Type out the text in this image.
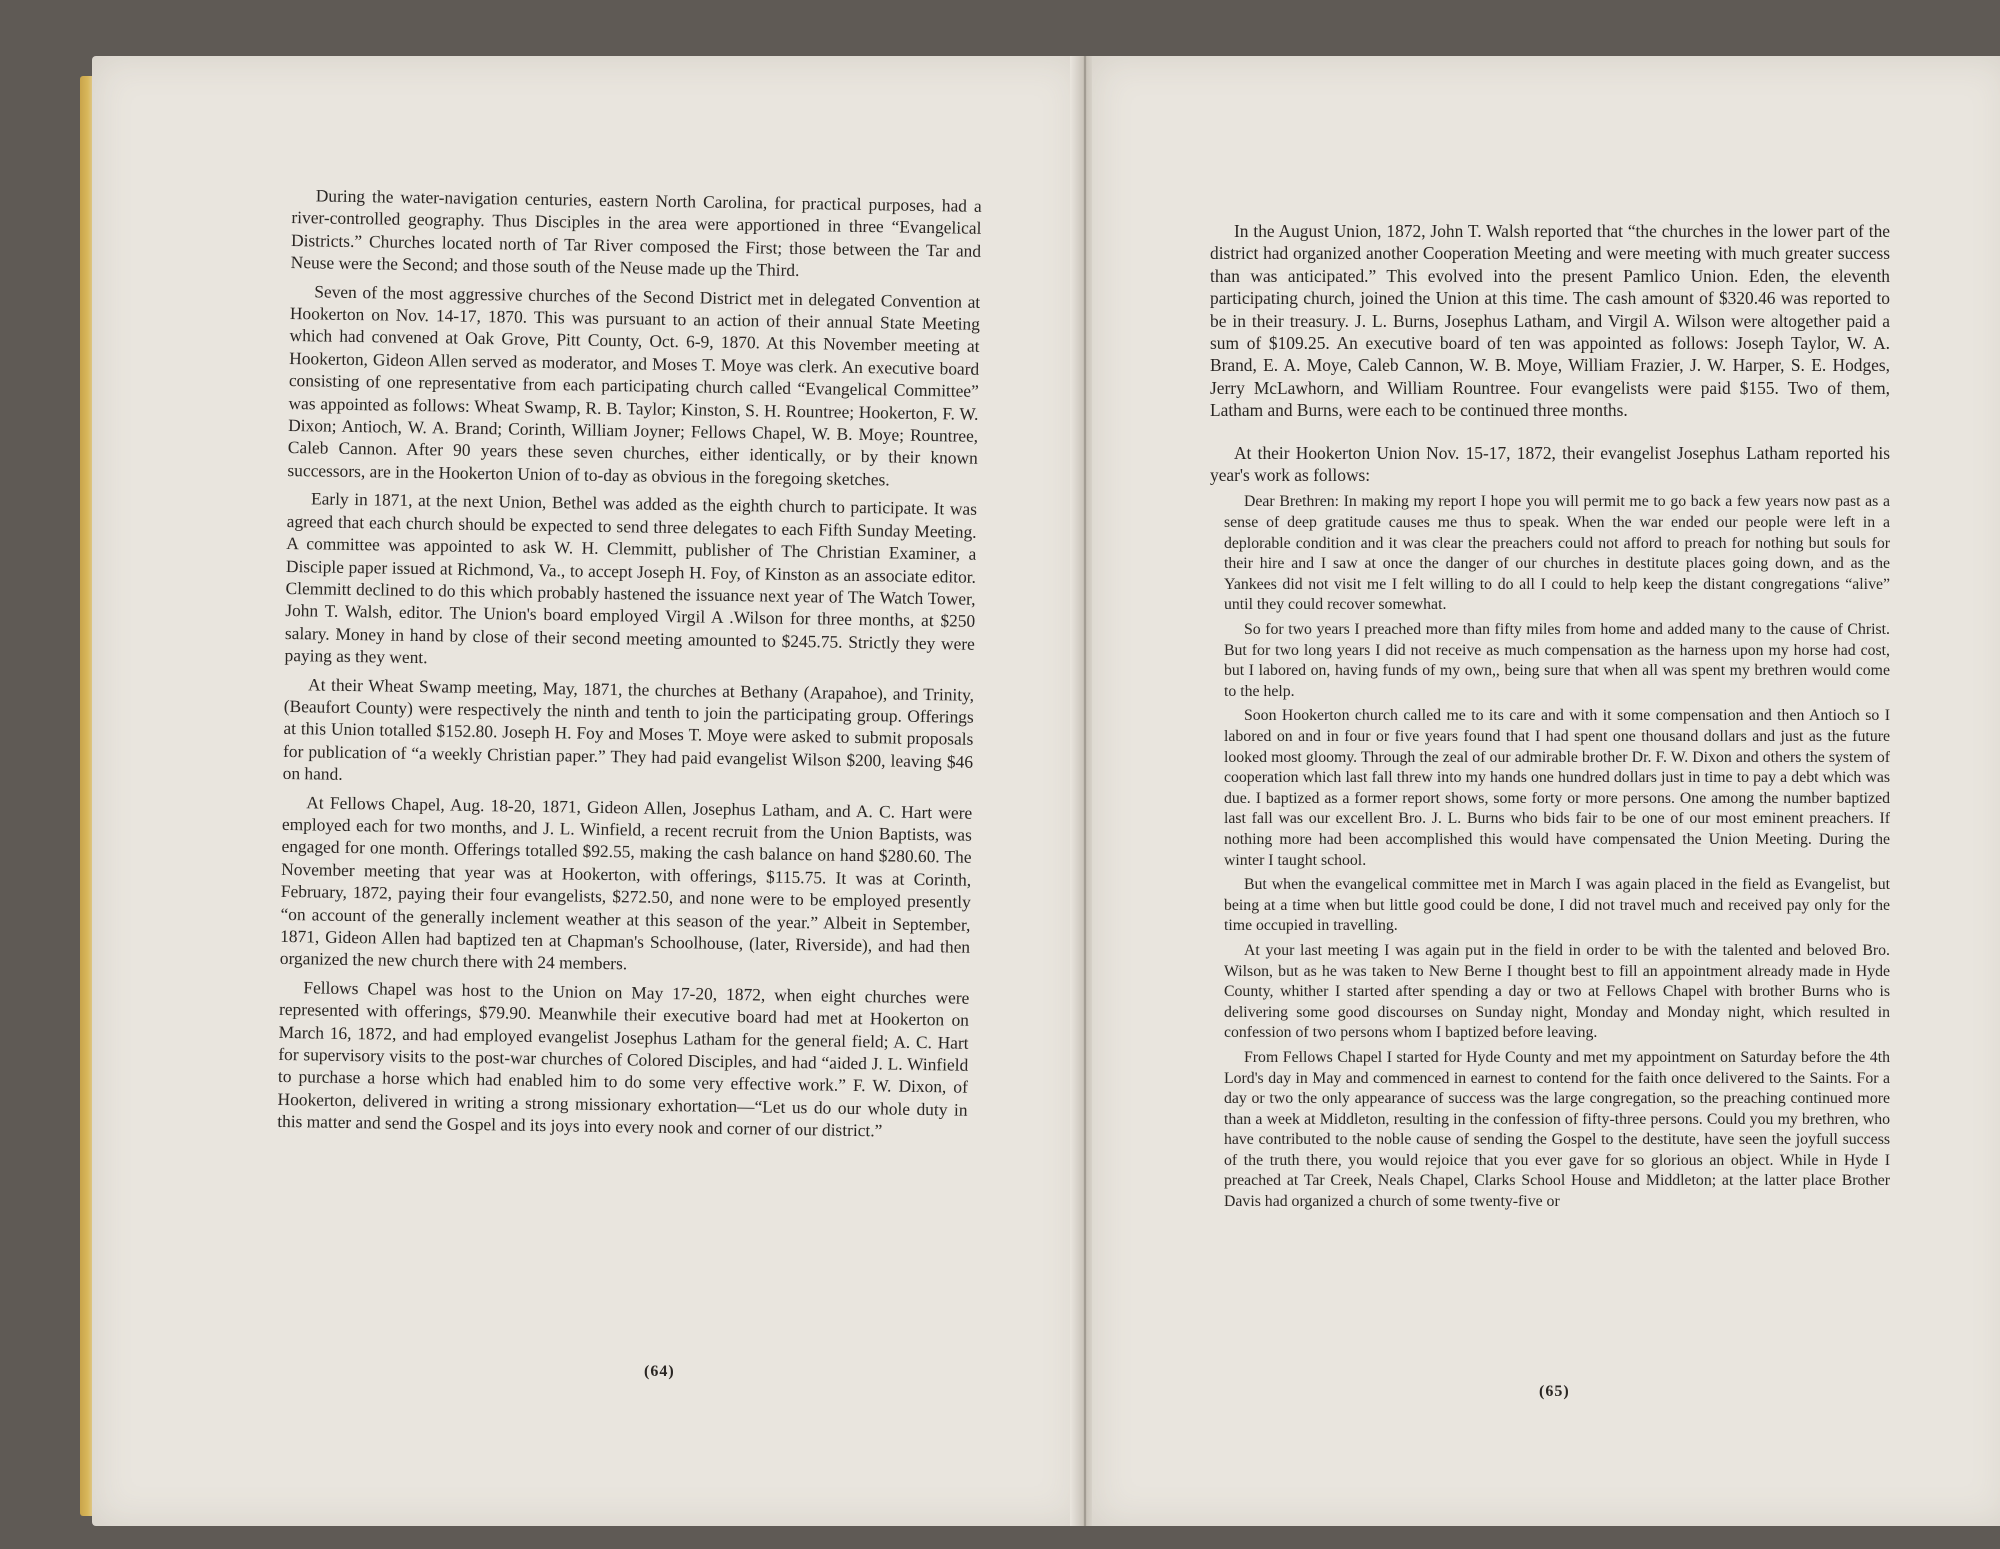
During the water-navigation centuries, eastern North Carolina, for practical purposes, had a river-controlled geography. Thus Disciples in the area were apportioned in three “Evangelical Districts.” Churches located north of Tar River composed the First; those between the Tar and Neuse were the Second; and those south of the Neuse made up the Third.

Seven of the most aggressive churches of the Second District met in delegated Convention at Hookerton on Nov. 14-17, 1870. This was pursuant to an action of their annual State Meeting which had convened at Oak Grove, Pitt County, Oct. 6-9, 1870. At this November meeting at Hookerton, Gideon Allen served as moderator, and Moses T. Moye was clerk. An executive board consisting of one representative from each participating church called “Evangelical Committee” was appointed as follows: Wheat Swamp, R. B. Taylor; Kinston, S. H. Rountree; Hookerton, F. W. Dixon; Antioch, W. A. Brand; Corinth, William Joyner; Fellows Chapel, W. B. Moye; Rountree, Caleb Cannon. After 90 years these seven churches, either identically, or by their known successors, are in the Hookerton Union of to-day as obvious in the foregoing sketches.

Early in 1871, at the next Union, Bethel was added as the eighth church to participate. It was agreed that each church should be expected to send three delegates to each Fifth Sunday Meeting. A committee was appointed to ask W. H. Clemmitt, publisher of The Christian Examiner, a Disciple paper issued at Richmond, Va., to accept Joseph H. Foy, of Kinston as an associate editor. Clemmitt declined to do this which probably hastened the issuance next year of The Watch Tower, John T. Walsh, editor. The Union's board employed Virgil A .Wilson for three months, at $250 salary. Money in hand by close of their second meeting amounted to $245.75. Strictly they were paying as they went.

At their Wheat Swamp meeting, May, 1871, the churches at Bethany (Arapahoe), and Trinity, (Beaufort County) were respectively the ninth and tenth to join the participating group. Offerings at this Union totalled $152.80. Joseph H. Foy and Moses T. Moye were asked to submit proposals for publication of “a weekly Christian paper.” They had paid evangelist Wilson $200, leaving $46 on hand.

At Fellows Chapel, Aug. 18-20, 1871, Gideon Allen, Josephus Latham, and A. C. Hart were employed each for two months, and J. L. Winfield, a recent recruit from the Union Baptists, was engaged for one month. Offerings totalled $92.55, making the cash balance on hand $280.60. The November meeting that year was at Hookerton, with offerings, $115.75. It was at Corinth, February, 1872, paying their four evangelists, $272.50, and none were to be employed presently “on account of the generally inclement weather at this season of the year.” Albeit in September, 1871, Gideon Allen had baptized ten at Chapman's Schoolhouse, (later, Riverside), and had then organized the new church there with 24 members.

Fellows Chapel was host to the Union on May 17-20, 1872, when eight churches were represented with offerings, $79.90. Meanwhile their executive board had met at Hookerton on March 16, 1872, and had employed evangelist Josephus Latham for the general field; A. C. Hart for supervisory visits to the post-war churches of Colored Disciples, and had “aided J. L. Winfield to purchase a horse which had enabled him to do some very effective work.” F. W. Dixon, of Hookerton, delivered in writing a strong missionary exhortation—“Let us do our whole duty in this matter and send the Gospel and its joys into every nook and corner of our district.”

(64)

In the August Union, 1872, John T. Walsh reported that “the churches in the lower part of the district had organized another Cooperation Meeting and were meeting with much greater success than was anticipated.” This evolved into the present Pamlico Union. Eden, the eleventh participating church, joined the Union at this time. The cash amount of $320.46 was reported to be in their treasury. J. L. Burns, Josephus Latham, and Virgil A. Wilson were altogether paid a sum of $109.25. An executive board of ten was appointed as follows: Joseph Taylor, W. A. Brand, E. A. Moye, Caleb Cannon, W. B. Moye, William Frazier, J. W. Harper, S. E. Hodges, Jerry McLawhorn, and William Rountree. Four evangelists were paid $155. Two of them, Latham and Burns, were each to be continued three months.

At their Hookerton Union Nov. 15-17, 1872, their evangelist Josephus Latham reported his year's work as follows:

Dear Brethren: In making my report I hope you will permit me to go back a few years now past as a sense of deep gratitude causes me thus to speak. When the war ended our people were left in a deplorable condition and it was clear the preachers could not afford to preach for nothing but souls for their hire and I saw at once the danger of our churches in destitute places going down, and as the Yankees did not visit me I felt willing to do all I could to help keep the distant congregations “alive” until they could recover somewhat.

So for two years I preached more than fifty miles from home and added many to the cause of Christ. But for two long years I did not receive as much compensation as the harness upon my horse had cost, but I labored on, having funds of my own,, being sure that when all was spent my brethren would come to the help.

Soon Hookerton church called me to its care and with it some compensation and then Antioch so I labored on and in four or five years found that I had spent one thousand dollars and just as the future looked most gloomy. Through the zeal of our admirable brother Dr. F. W. Dixon and others the system of cooperation which last fall threw into my hands one hundred dollars just in time to pay a debt which was due. I baptized as a former report shows, some forty or more persons. One among the number baptized last fall was our excellent Bro. J. L. Burns who bids fair to be one of our most eminent preachers. If nothing more had been accomplished this would have compensated the Union Meeting. During the winter I taught school.

But when the evangelical committee met in March I was again placed in the field as Evangelist, but being at a time when but little good could be done, I did not travel much and received pay only for the time occupied in travelling.

At your last meeting I was again put in the field in order to be with the talented and beloved Bro. Wilson, but as he was taken to New Berne I thought best to fill an appointment already made in Hyde County, whither I started after spending a day or two at Fellows Chapel with brother Burns who is delivering some good discourses on Sunday night, Monday and Monday night, which resulted in confession of two persons whom I baptized before leaving.

From Fellows Chapel I started for Hyde County and met my appointment on Saturday before the 4th Lord's day in May and commenced in earnest to contend for the faith once delivered to the Saints. For a day or two the only appearance of success was the large congregation, so the preaching continued more than a week at Middleton, resulting in the confession of fifty-three persons. Could you my brethren, who have contributed to the noble cause of sending the Gospel to the destitute, have seen the joyfull success of the truth there, you would rejoice that you ever gave for so glorious an object. While in Hyde I preached at Tar Creek, Neals Chapel, Clarks School House and Middleton; at the latter place Brother Davis had organized a church of some twenty-five or

(65)
